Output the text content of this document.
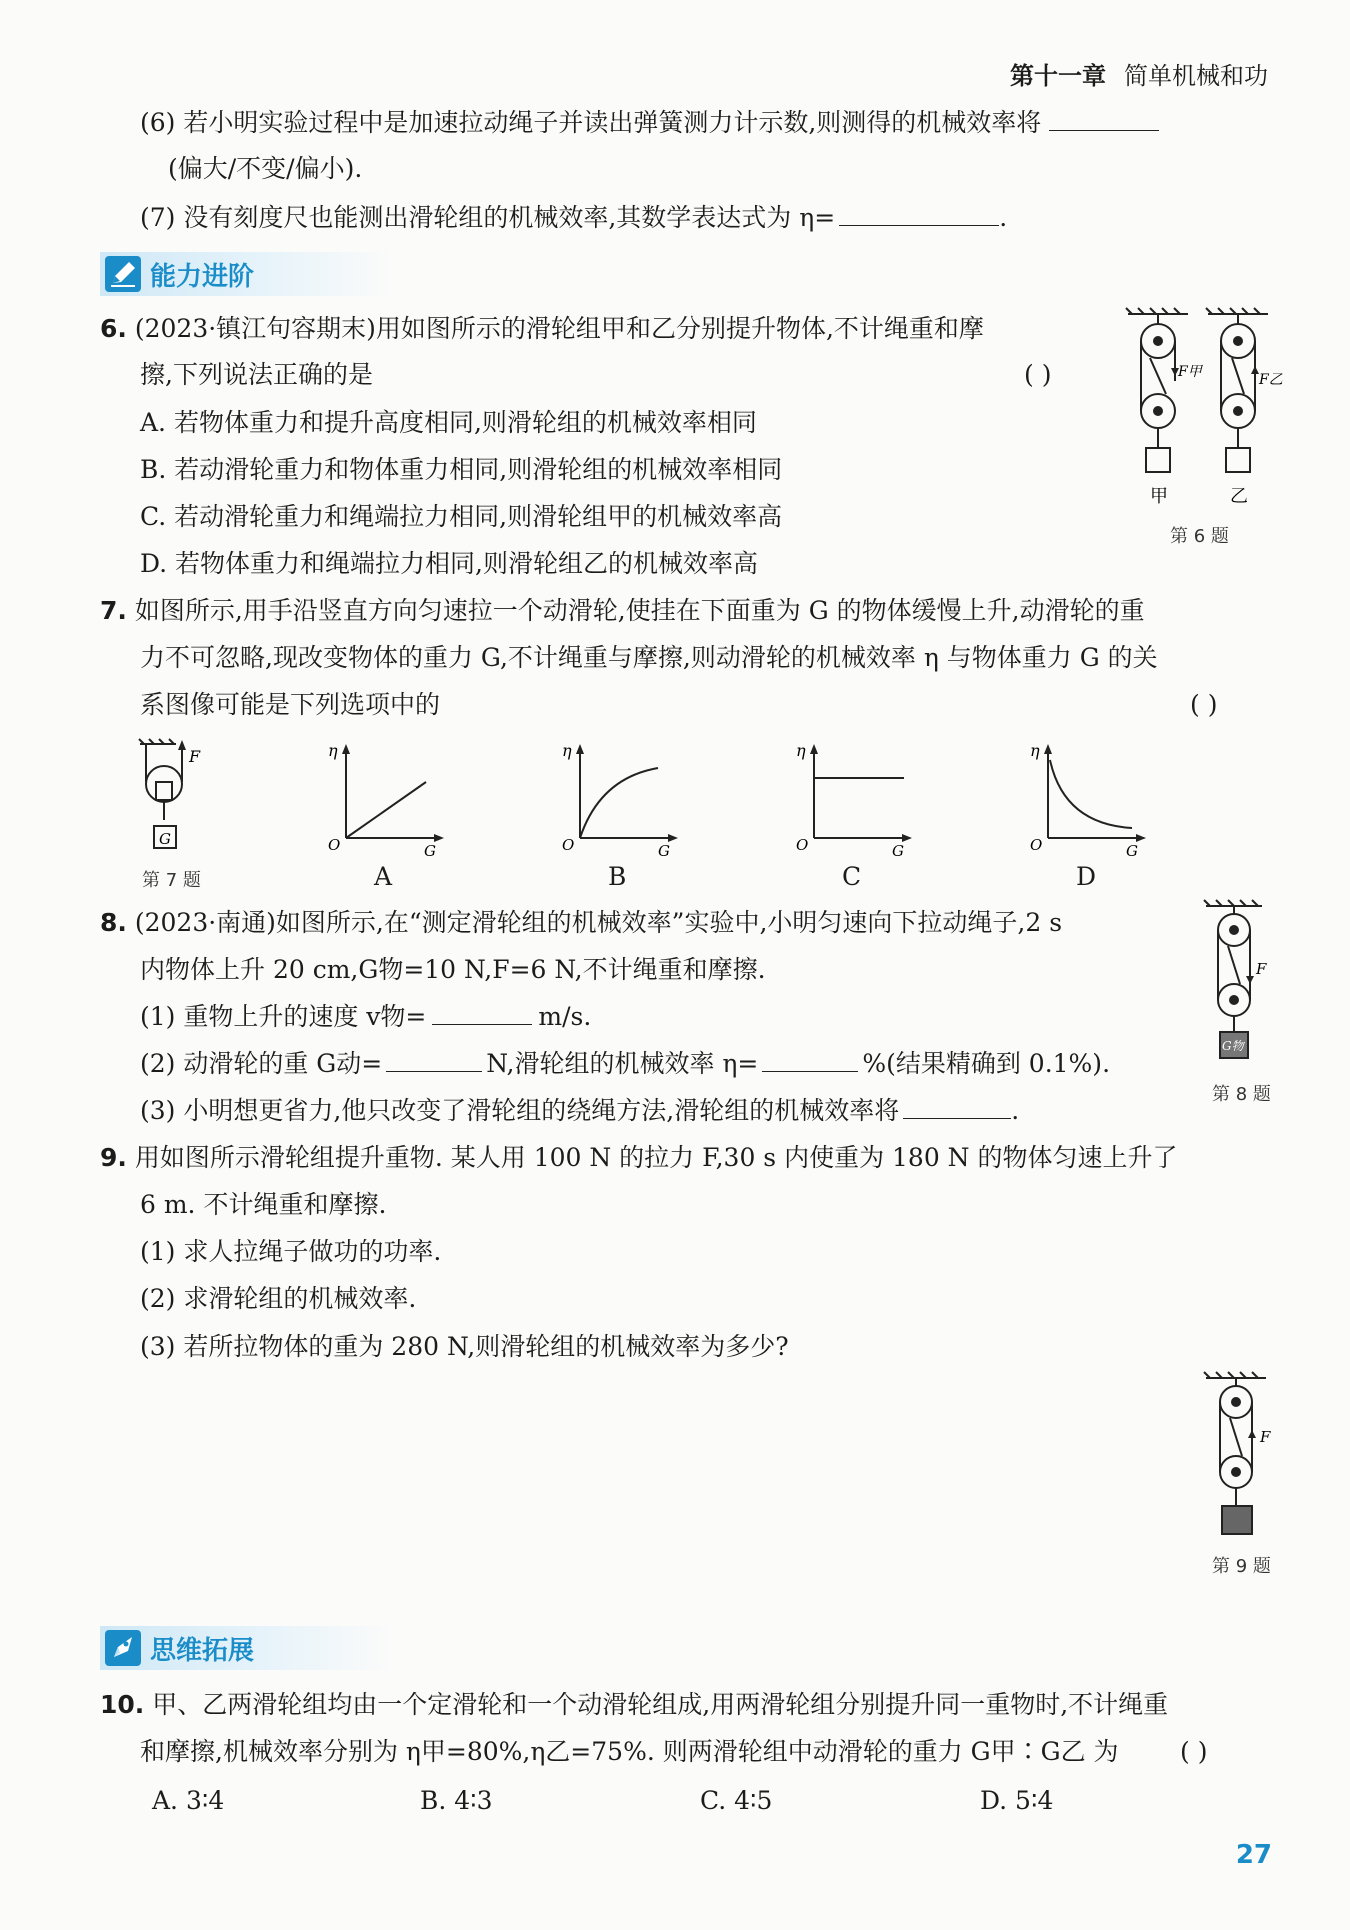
第十一章 简单机械和功
(6) 若小明实验过程中是加速拉动绳子并读出弹簧测力计示数,则测得的机械效率将
(偏大/不变/偏小).
(7) 没有刻度尺也能测出滑轮组的机械效率,其数学表达式为 η=	.
能力进阶
6. (2023·镇江句容期末)用如图所示的滑轮组甲和乙分别提升物体,不计绳重和摩
擦,下列说法正确的是	( )
A. 若物体重力和提升高度相同,则滑轮组的机械效率相同
B. 若动滑轮重力和物体重力相同,则滑轮组的机械效率相同
C. 若动滑轮重力和绳端拉力相同,则滑轮组甲的机械效率高
D. 若物体重力和绳端拉力相同,则滑轮组乙的机械效率高
F甲	F乙
甲	乙
第 6 题
7. 如图所示,用手沿竖直方向匀速拉一个动滑轮,使挂在下面重为 G 的物体缓慢上升,动滑轮的重
力不可忽略,现改变物体的重力 G,不计绳重与摩擦,则动滑轮的机械效率 η 与物体重力 G 的关
系图像可能是下列选项中的	( )
F
G
第 7 题
η
O	G
A
η
O	G
B
η
O	G
C
η
O	G
D
8. (2023·南通)如图所示,在“测定滑轮组的机械效率”实验中,小明匀速向下拉动绳子,2 s
内物体上升 20 cm,G物=10 N,F=6 N,不计绳重和摩擦.
(1) 重物上升的速度 v物=	m/s.
(2) 动滑轮的重 G动=	N,滑轮组的机械效率 η=	%(结果精确到 0.1%).
(3) 小明想更省力,他只改变了滑轮组的绕绳方法,滑轮组的机械效率将	.
F
G物
第 8 题
9. 用如图所示滑轮组提升重物. 某人用 100 N 的拉力 F,30 s 内使重为 180 N 的物体匀速上升了
6 m. 不计绳重和摩擦.
(1) 求人拉绳子做功的功率.
(2) 求滑轮组的机械效率.
(3) 若所拉物体的重为 280 N,则滑轮组的机械效率为多少?
F
第 9 题
思维拓展
10. 甲、乙两滑轮组均由一个定滑轮和一个动滑轮组成,用两滑轮组分别提升同一重物时,不计绳重
和摩擦,机械效率分别为 η甲=80%,η乙=75%. 则两滑轮组中动滑轮的重力 G甲∶G乙 为 ( )
A. 3∶4	B. 4∶3	C. 4∶5	D. 5∶4
27
